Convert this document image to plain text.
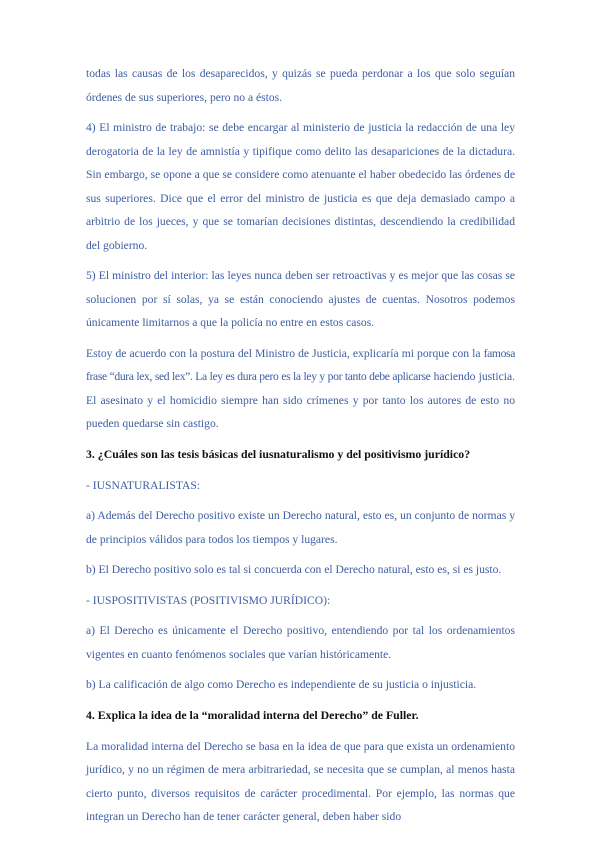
todas las causas de los desaparecidos, y quizás se pueda perdonar a los que solo seguían órdenes de sus superiores, pero no a éstos.

4) El ministro de trabajo: se debe encargar al ministerio de justicia la redacción de una ley derogatoria de la ley de amnistía y tipifique como delito las desapariciones de la dictadura. Sin embargo, se opone a que se considere como atenuante el haber obedecido las órdenes de sus superiores. Dice que el error del ministro de justicia es que deja demasiado campo a arbitrio de los jueces, y que se tomarían decisiones distintas, descendiendo la credibilidad del gobierno.

5) El ministro del interior: las leyes nunca deben ser retroactivas y es mejor que las cosas se solucionen por sí solas, ya se están conociendo ajustes de cuentas. Nosotros podemos únicamente limitarnos a que la policía no entre en estos casos.

Estoy de acuerdo con la postura del Ministro de Justicia, explicaría mi porque con la famosa frase “dura lex, sed lex”. La ley es dura pero es la ley y por tanto debe aplicarse haciendo justicia. El asesinato y el homicidio siempre han sido crímenes y por tanto los autores de esto no pueden quedarse sin castigo.

3. ¿Cuáles son las tesis básicas del iusnaturalismo y del positivismo jurídico?

- IUSNATURALISTAS:

a) Además del Derecho positivo existe un Derecho natural, esto es, un conjunto de normas y de principios válidos para todos los tiempos y lugares.

b) El Derecho positivo solo es tal si concuerda con el Derecho natural, esto es, si es justo.

- IUSPOSITIVISTAS (POSITIVISMO JURÍDICO):

a) El Derecho es únicamente el Derecho positivo, entendiendo por tal los ordenamientos vigentes en cuanto fenómenos sociales que varían históricamente.

b) La calificación de algo como Derecho es independiente de su justicia o injusticia.

4. Explica la idea de la “moralidad interna del Derecho” de Fuller.

La moralidad interna del Derecho se basa en la idea de que para que exista un ordenamiento jurídico, y no un régimen de mera arbitrariedad, se necesita que se cumplan, al menos hasta cierto punto, diversos requisitos de carácter procedimental. Por ejemplo, las normas que integran un Derecho han de tener carácter general, deben haber sido
